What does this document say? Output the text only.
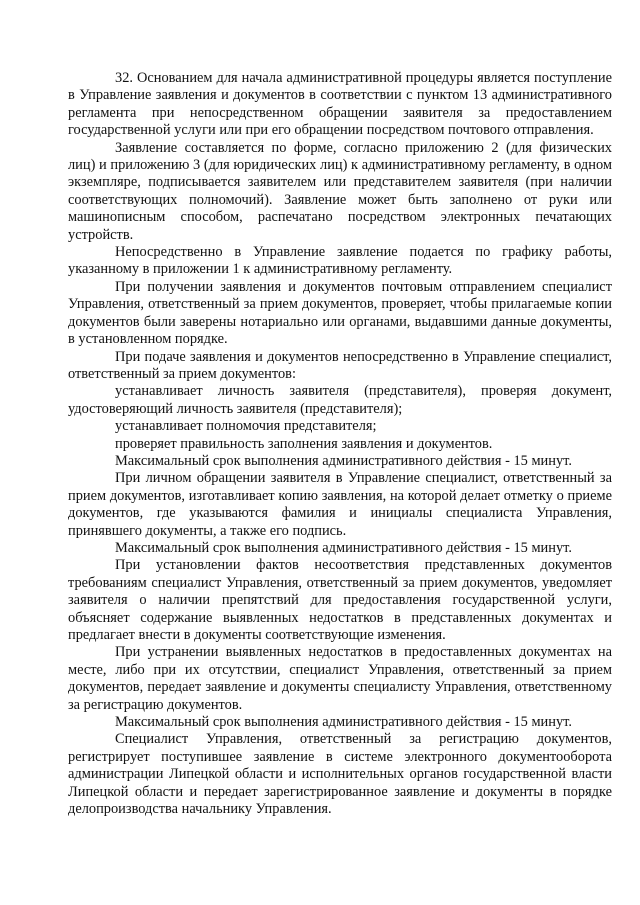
32. Основанием для начала административной процедуры является поступление в Управление заявления и документов в соответствии с пунктом 13 административного регламента при непосредственном обращении заявителя за предоставлением государственной услуги или при его обращении посредством почтового отправления.

Заявление составляется по форме, согласно приложению 2 (для физических лиц) и приложению 3 (для юридических лиц) к административному регламенту, в одном экземпляре, подписывается заявителем или представителем заявителя (при наличии соответствующих полномочий). Заявление может быть заполнено от руки или машинописным способом, распечатано посредством электронных печатающих устройств.

Непосредственно в Управление заявление подается по графику работы, указанному в приложении 1 к административному регламенту.

При получении заявления и документов почтовым отправлением специалист Управления, ответственный за прием документов, проверяет, чтобы прилагаемые копии документов были заверены нотариально или органами, выдавшими данные документы, в установленном порядке.

При подаче заявления и документов непосредственно в Управление специалист, ответственный за прием документов:

устанавливает личность заявителя (представителя), проверяя документ, удостоверяющий личность заявителя (представителя);

устанавливает полномочия представителя;

проверяет правильность заполнения заявления и документов.

Максимальный срок выполнения административного действия - 15 минут.

При личном обращении заявителя в Управление специалист, ответственный за прием документов, изготавливает копию заявления, на которой делает отметку о приеме документов, где указываются фамилия и инициалы специалиста Управления, принявшего документы, а также его подпись.

Максимальный срок выполнения административного действия - 15 минут.

При установлении фактов несоответствия представленных документов требованиям специалист Управления, ответственный за прием документов, уведомляет заявителя о наличии препятствий для предоставления государственной услуги, объясняет содержание выявленных недостатков в представленных документах и предлагает внести в документы соответствующие изменения.

При устранении выявленных недостатков в предоставленных документах на месте, либо при их отсутствии, специалист Управления, ответственный за прием документов, передает заявление и документы специалисту Управления, ответственному за регистрацию документов.

Максимальный срок выполнения административного действия - 15 минут.

Специалист Управления, ответственный за регистрацию документов, регистрирует поступившее заявление в системе электронного документооборота администрации Липецкой области и исполнительных органов государственной власти Липецкой области и передает зарегистрированное заявление и документы в порядке делопроизводства начальнику Управления.
